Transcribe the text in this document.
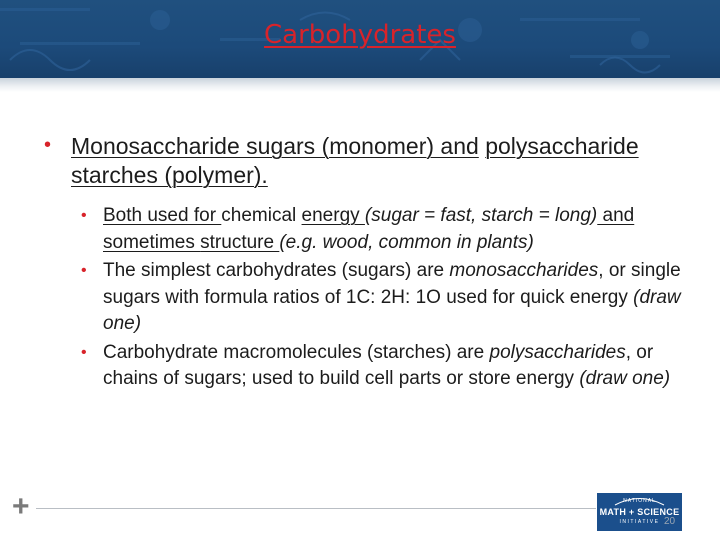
Carbohydrates
• Monosaccharide sugars (monomer) and polysaccharide starches (polymer).
• Both used for chemical energy (sugar = fast, starch = long) and sometimes structure (e.g. wood, common in plants)
• The simplest carbohydrates (sugars) are monosaccharides, or single sugars with formula ratios of 1C: 2H: 1O used for quick energy (draw one)
• Carbohydrate macromolecules (starches) are polysaccharides, or chains of sugars; used to build cell parts or store energy (draw one)
+	NATIONAL
MATH + SCIENCE
INITIATIVE 20
